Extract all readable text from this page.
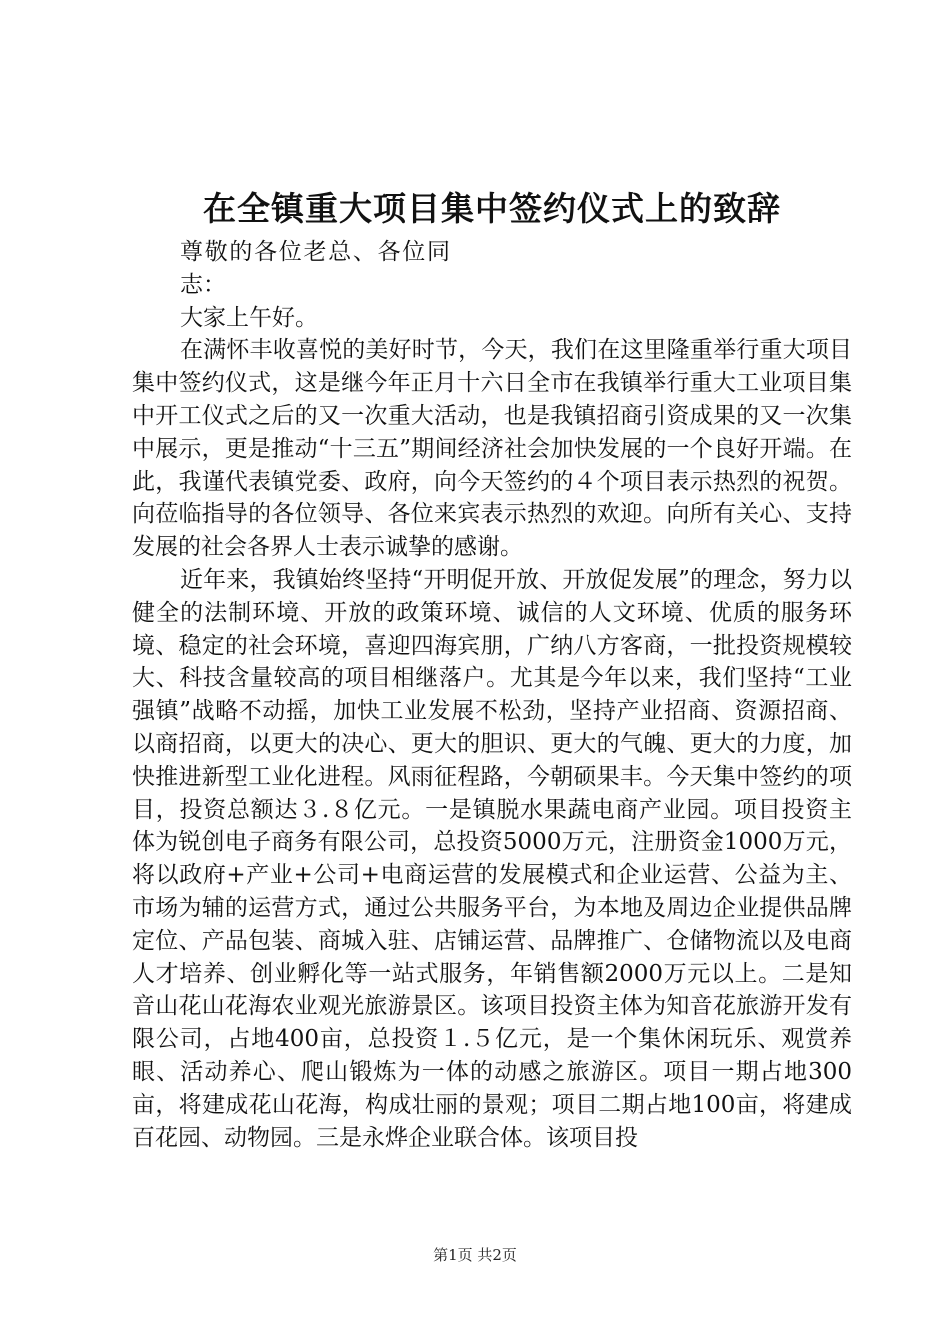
在全镇重大项目集中签约仪式上的致辞

尊敬的各位老总、各位同志：

大家上午好。

在满怀丰收喜悦的美好时节，今天，我们在这里隆重举行重大项目集中签约仪式，这是继今年正月十六日全市在我镇举行重大工业项目集中开工仪式之后的又一次重大活动，也是我镇招商引资成果的又一次集中展示，更是推动“十三五”期间经济社会加快发展的一个良好开端。在此，我谨代表镇党委、政府，向今天签约的４个项目表示热烈的祝贺。向莅临指导的各位领导、各位来宾表示热烈的欢迎。向所有关心、支持发展的社会各界人士表示诚挚的感谢。

近年来，我镇始终坚持“开明促开放、开放促发展”的理念，努力以健全的法制环境、开放的政策环境、诚信的人文环境、优质的服务环境、稳定的社会环境，喜迎四海宾朋，广纳八方客商，一批投资规模较大、科技含量较高的项目相继落户。尤其是今年以来，我们坚持“工业强镇”战略不动摇，加快工业发展不松劲，坚持产业招商、资源招商、以商招商，以更大的决心、更大的胆识、更大的气魄、更大的力度，加快推进新型工业化进程。风雨征程路，今朝硕果丰。今天集中签约的项目，投资总额达３.８亿元。一是镇脱水果蔬电商产业园。项目投资主体为锐创电子商务有限公司，总投资5000万元，注册资金1000万元，将以政府+产业+公司+电商运营的发展模式和企业运营、公益为主、市场为辅的运营方式，通过公共服务平台，为本地及周边企业提供品牌定位、产品包装、商城入驻、店铺运营、品牌推广、仓储物流以及电商人才培养、创业孵化等一站式服务，年销售额2000万元以上。二是知音山花山花海农业观光旅游景区。该项目投资主体为知音花旅游开发有限公司，占地400亩，总投资１.５亿元，是一个集休闲玩乐、观赏养眼、活动养心、爬山锻炼为一体的动感之旅游区。项目一期占地300亩，将建成花山花海，构成壮丽的景观；项目二期占地100亩，将建成百花园、动物园。三是永烨企业联合体。该项目投

第1页 共2页
